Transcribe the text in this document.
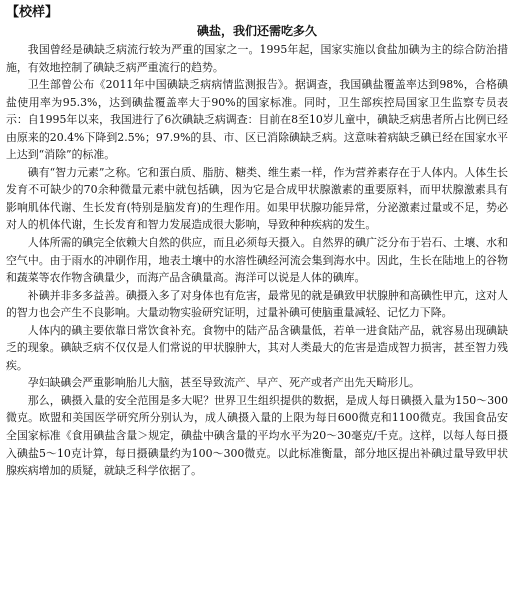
【校样】
碘盐，我们还需吃多久

我国曾经是碘缺乏病流行较为严重的国家之一。1995年起，国家实施以食盐加碘为主的综合防治措施，有效地控制了碘缺乏病严重流行的趋势。

卫生部曾公布《2011年中国碘缺乏病病情监测报告》。据调查，我国碘盐覆盖率达到98%，合格碘盐使用率为95.3%，达到碘盐覆盖率大于90%的国家标准。同时，卫生部疾控局国家卫生监察专员表示：自1995年以来，我国进行了6次碘缺乏病调查：目前在8至10岁儿童中，碘缺乏病患者所占比例已经由原来的20.4%下降到2.5%；97.9%的县、市、区已消除碘缺乏病。这意味着病缺乏碘已经在国家水平上达到“消除”的标准。

碘有“智力元素”之称。它和蛋白质、脂肪、糖类、维生素一样，作为营养素存在于人体内。人体生长发育不可缺少的70余种微量元素中就包括碘，因为它是合成甲状腺激素的重要原料，而甲状腺激素具有影响肌体代谢、生长发育(特别是脑发育)的生理作用。如果甲状腺功能异常，分泌激素过量或不足，势必对人的机体代谢，生长发育和智力发展造成很大影响，导致种种疾病的发生。

人体所需的碘完全依赖大自然的供应，而且必须每天摄入。自然界的碘广泛分布于岩石、土壤、水和空气中。由于雨水的冲刷作用，地表土壤中的水溶性碘经河流会集到海水中。因此，生长在陆地上的谷物和蔬菜等农作物含碘量少，而海产品含碘量高。海洋可以说是人体的碘库。

补碘并非多多益善。碘摄入多了对身体也有危害，最常见的就是碘致甲状腺肿和高碘性甲亢，这对人的智力也会产生不良影响。大量动物实验研究证明，过量补碘可使脑重量减轻、记忆力下降。

人体内的碘主要依靠日常饮食补充。食物中的陆产品含碘量低，若单一进食陆产品，就容易出现碘缺乏的现象。碘缺乏病不仅仅是人们常说的甲状腺肿大，其对人类最大的危害是造成智力损害，甚至智力残疾。

孕妇缺碘会严重影响胎儿大脑，甚至导致流产、早产、死产或者产出先天畸形儿。

那么，碘摄入量的安全范围是多大呢？世界卫生组织提供的数据，是成人每日碘摄入量为150～300微克。欧盟和美国医学研究所分别认为，成人碘摄入量的上限为每日600微克和1100微克。我国食品安全国家标准《食用碘盐含量＞规定，碘盐中碘含量的平均水平为20～30毫克/千克。这样，以每人每日摄入碘盐5～10克计算，每日摄碘量约为100～300微克。以此标准衡量，部分地区提出补碘过量导致甲状腺疾病增加的质疑，就缺乏科学依据了。
